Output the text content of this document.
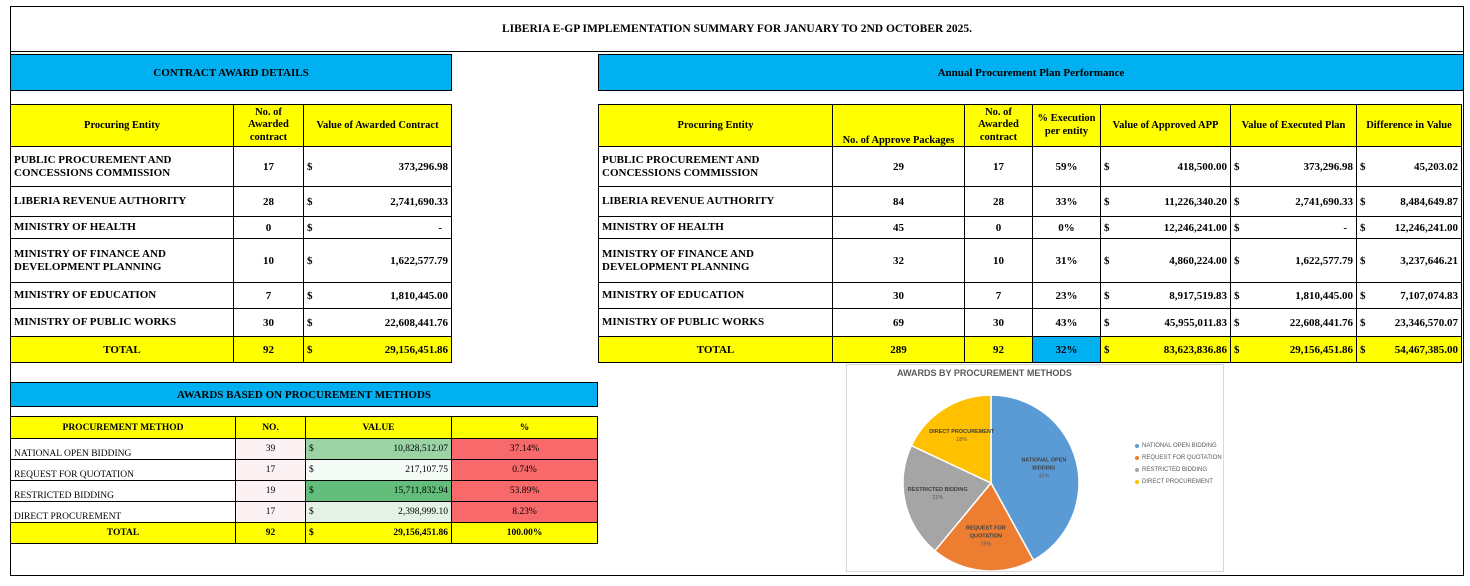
LIBERIA E-GP IMPLEMENTATION SUMMARY FOR JANUARY TO 2ND OCTOBER 2025.
CONTRACT AWARD DETAILS
Procuring Entity	No. of Awarded contract	Value of Awarded Contract
PUBLIC PROCUREMENT AND CONCESSIONS COMMISSION	17	$ 373,296.98

LIBERIA REVENUE AUTHORITY	28	$ 2,741,690.33

MINISTRY OF HEALTH	0	$ -

MINISTRY OF FINANCE AND DEVELOPMENT PLANNING	10	$ 1,622,577.79

MINISTRY OF EDUCATION	7	$ 1,810,445.00

MINISTRY OF PUBLIC WORKS	30	$ 22,608,441.76

TOTAL	92	$ 29,156,451.86
Annual Procurement Plan Performance
Procuring Entity	No. of Approve Packages	No. of Awarded contract	% Execution per entity	Value of Approved APP	Value of Executed Plan	Difference in Value
PUBLIC PROCUREMENT AND CONCESSIONS COMMISSION	29	17	59%	$ 418,500.00	$ 373,296.98	$ 45,203.02

LIBERIA REVENUE AUTHORITY	84	28	33%	$ 11,226,340.20	$ 2,741,690.33	$ 8,484,649.87

MINISTRY OF HEALTH	45	0	0%	$ 12,246,241.00	$ -	$ 12,246,241.00

MINISTRY OF FINANCE AND DEVELOPMENT PLANNING	32	10	31%	$ 4,860,224.00	$ 1,622,577.79	$ 3,237,646.21

MINISTRY OF EDUCATION	30	7	23%	$ 8,917,519.83	$ 1,810,445.00	$ 7,107,074.83

MINISTRY OF PUBLIC WORKS	69	30	43%	$ 45,955,011.83	$ 22,608,441.76	$ 23,346,570.07

TOTAL	289	92	32%	$ 83,623,836.86	$ 29,156,451.86	$ 54,467,385.00
AWARDS BASED ON PROCUREMENT METHODS
PROCUREMENT METHOD	NO.	VALUE	%
NATIONAL OPEN BIDDING	39	$ 10,828,512.07	37.14%
REQUEST FOR QUOTATION	17	$ 217,107.75	0.74%
RESTRICTED BIDDING	19	$ 15,711,832.94	53.89%
DIRECT PROCUREMENT	17	$ 2,398,999.10	8.23%
TOTAL	92	$ 29,156,451.86	100.00%
AWARDS BY PROCUREMENT METHODS
NATIONAL OPEN BIDDING 42%
REQUEST FOR QUOTATION 19%
RESTRICTED BIDDING 21%
DIRECT PROCUREMENT 18%
NATIONAL OPEN BIDDING
REQUEST FOR QUOTATION
RESTRICTED BIDDING
DIRECT PROCUREMENT
